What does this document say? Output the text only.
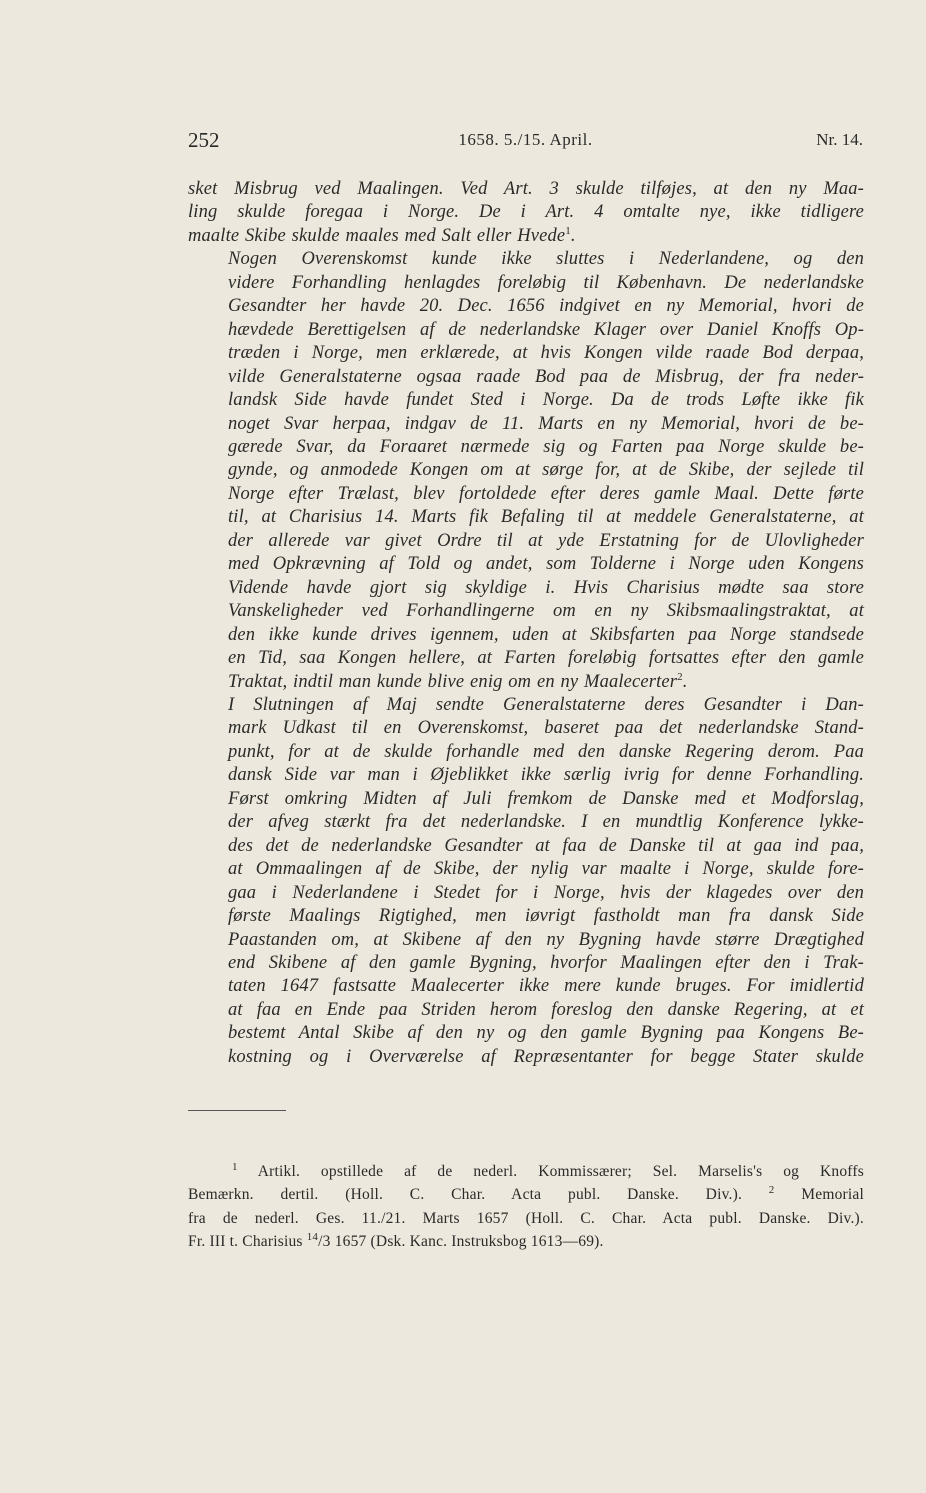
252	1658. 5./15. April.	Nr. 14.

sket Misbrug ved Maalingen. Ved Art. 3 skulde tilføjes, at den ny Maa-
ling skulde foregaa i Norge. De i Art. 4 omtalte nye, ikke tidligere
maalte Skibe skulde maales med Salt eller Hvede$^1$.

Nogen Overenskomst kunde ikke sluttes i Nederlandene, og den
videre Forhandling henlagdes foreløbig til København. De nederlandske
Gesandter her havde 20. Dec. 1656 indgivet en ny Memorial, hvori de
hævdede Berettigelsen af de nederlandske Klager over Daniel Knoffs Op-
træden i Norge, men erklærede, at hvis Kongen vilde raade Bod derpaa,
vilde Generalstaterne ogsaa raade Bod paa de Misbrug, der fra neder-
landsk Side havde fundet Sted i Norge. Da de trods Løfte ikke fik
noget Svar herpaa, indgav de 11. Marts en ny Memorial, hvori de be-
gærede Svar, da Foraaret nærmede sig og Farten paa Norge skulde be-
gynde, og anmodede Kongen om at sørge for, at de Skibe, der sejlede til
Norge efter Trælast, blev fortoldede efter deres gamle Maal. Dette førte
til, at Charisius 14. Marts fik Befaling til at meddele Generalstaterne, at
der allerede var givet Ordre til at yde Erstatning for de Ulovligheder
med Opkrævning af Told og andet, som Tolderne i Norge uden Kongens
Vidende havde gjort sig skyldige i. Hvis Charisius mødte saa store
Vanskeligheder ved Forhandlingerne om en ny Skibsmaalingstraktat, at
den ikke kunde drives igennem, uden at Skibsfarten paa Norge standsede
en Tid, saa Kongen hellere, at Farten foreløbig fortsattes efter den gamle
Traktat, indtil man kunde blive enig om en ny Maalecerter$^2$.

I Slutningen af Maj sendte Generalstaterne deres Gesandter i Dan-
mark Udkast til en Overenskomst, baseret paa det nederlandske Stand-
punkt, for at de skulde forhandle med den danske Regering derom. Paa
dansk Side var man i Øjeblikket ikke særlig ivrig for denne Forhandling.
Først omkring Midten af Juli fremkom de Danske med et Modforslag,
der afveg stærkt fra det nederlandske. I en mundtlig Konference lykke-
des det de nederlandske Gesandter at faa de Danske til at gaa ind paa,
at Ommaalingen af de Skibe, der nylig var maalte i Norge, skulde fore-
gaa i Nederlandene i Stedet for i Norge, hvis der klagedes over den
første Maalings Rigtighed, men iøvrigt fastholdt man fra dansk Side
Paastanden om, at Skibene af den ny Bygning havde større Drægtighed
end Skibene af den gamle Bygning, hvorfor Maalingen efter den i Trak-
taten 1647 fastsatte Maalecerter ikke mere kunde bruges. For imidlertid
at faa en Ende paa Striden herom foreslog den danske Regering, at et
bestemt Antal Skibe af den ny og den gamle Bygning paa Kongens Be-
kostning og i Overværelse af Repræsentanter for begge Stater skulde

$^1$ Artikl. opstillede af de nederl. Kommissærer; Sel. Marselis's og Knoffs
Bemærkn. dertil. (Holl. C. Char. Acta publ. Danske. Div.). $^2$ Memorial
fra de nederl. Ges. 11./21. Marts 1657 (Holl. C. Char. Acta publ. Danske. Div.).
Fr. III t. Charisius $^{14}$/3 1657 (Dsk. Kanc. Instruksbog 1613—69).
